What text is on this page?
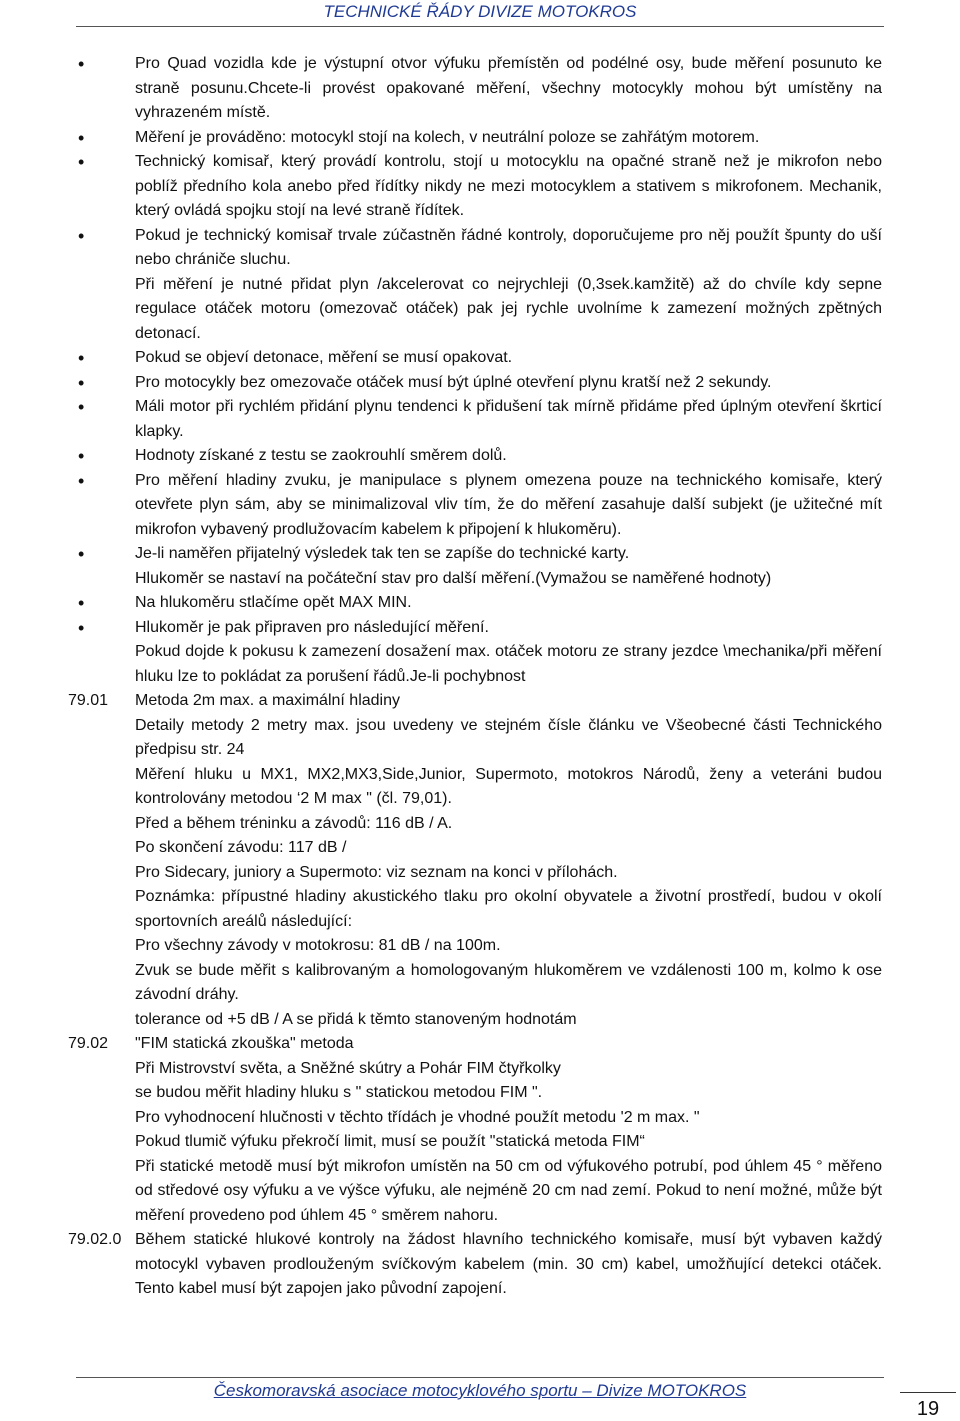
TECHNICKÉ ŘÁDY DIVIZE MOTOKROS
•	Pro Quad vozidla kde je výstupní otvor výfuku přemístěn od podélné osy, bude měření posunuto ke straně posunu.Chcete-li provést opakované měření, všechny motocykly mohou být umístěny na vyhrazeném místě.
•	Měření je prováděno: motocykl stojí na kolech, v neutrální poloze se zahřátým motorem.
•	Technický komisař, který provádí kontrolu, stojí u motocyklu na opačné straně než je mikrofon nebo poblíž předního kola anebo před řídítky nikdy ne mezi motocyklem a stativem s mikrofonem. Mechanik, který ovládá spojku stojí na levé straně řídítek.
•	Pokud je technický komisař trvale zúčastněn řádné kontroly, doporučujeme pro něj použít špunty do uší nebo chrániče sluchu.
Při měření je nutné přidat plyn /akcelerovat co nejrychleji (0,3sek.kamžitě) až do chvíle kdy sepne regulace otáček motoru (omezovač otáček) pak jej rychle uvolníme k zamezení možných zpětných detonací.
•	Pokud se objeví detonace, měření se musí opakovat.
•	Pro motocykly bez omezovače otáček musí být úplné otevření plynu kratší než 2 sekundy.
•	Máli motor při rychlém přidání plynu tendenci k přidušení tak mírně přidáme před úplným otevření škrticí klapky.
•	Hodnoty získané z testu se zaokrouhlí směrem dolů.
•	Pro měření hladiny zvuku, je manipulace s plynem omezena pouze na technického komisaře, který otevřete plyn sám, aby se minimalizoval vliv tím, že do měření zasahuje další subjekt (je užitečné mít mikrofon vybavený prodlužovacím kabelem k připojení k hlukoměru).
•	Je-li naměřen přijatelný výsledek tak ten se zapíše do technické karty.
Hlukoměr se nastaví na počáteční stav pro další měření.(Vymažou se naměřené hodnoty)
•	Na hlukoměru stlačíme opět MAX MIN.
•	Hlukoměr je pak připraven pro následující měření.
Pokud dojde k pokusu k zamezení dosažení max. otáček motoru ze strany jezdce \mechanika/při měření hluku lze to pokládat za porušení řádů.Je-li pochybnost
79.01	Metoda 2m max. a maximální hladiny
Detaily metody 2 metry max. jsou uvedeny ve stejném čísle článku ve Všeobecné části Technického předpisu str. 24
Měření hluku u MX1, MX2,MX3,Side,Junior, Supermoto, motokros Národů, ženy a veteráni budou kontrolovány metodou ‘2 M max " (čl. 79,01).
Před a během tréninku a závodů: 116 dB / A.
Po skončení závodu: 117 dB /
Pro Sidecary, juniory a Supermoto: viz seznam na konci v přílohách.
Poznámka: přípustné hladiny akustického tlaku pro okolní obyvatele a životní prostředí, budou v okolí sportovních areálů následující:
Pro všechny závody v motokrosu: 81 dB / na 100m.
Zvuk se bude měřit s kalibrovaným a homologovaným hlukoměrem ve vzdálenosti 100 m, kolmo k ose závodní dráhy.
tolerance od +5 dB / A se přidá k těmto stanoveným hodnotám
79.02	"FIM statická zkouška" metoda
Při Mistrovství světa, a Sněžné skútry a Pohár FIM čtyřkolky
se budou měřit hladiny hluku s " statickou metodou FIM ".
Pro vyhodnocení hlučnosti v těchto třídách je vhodné použít metodu '2 m max. "
Pokud tlumič výfuku překročí limit, musí se použít "statická metoda FIM“
Při statické metodě musí být mikrofon umístěn na 50 cm od výfukového potrubí, pod úhlem 45 ° měřeno od středové osy výfuku a ve výšce výfuku, ale nejméně 20 cm nad zemí. Pokud to není možné, může být měření provedeno pod úhlem 45 ° směrem nahoru.
79.02.0 Během statické hlukové kontroly na žádost hlavního technického komisaře, musí být vybaven každý motocykl vybaven prodlouženým svíčkovým kabelem (min. 30 cm) kabel, umožňující detekci otáček. Tento kabel musí být zapojen jako původní zapojení.
Českomoravská asociace motocyklového sportu – Divize MOTOKROS
19
